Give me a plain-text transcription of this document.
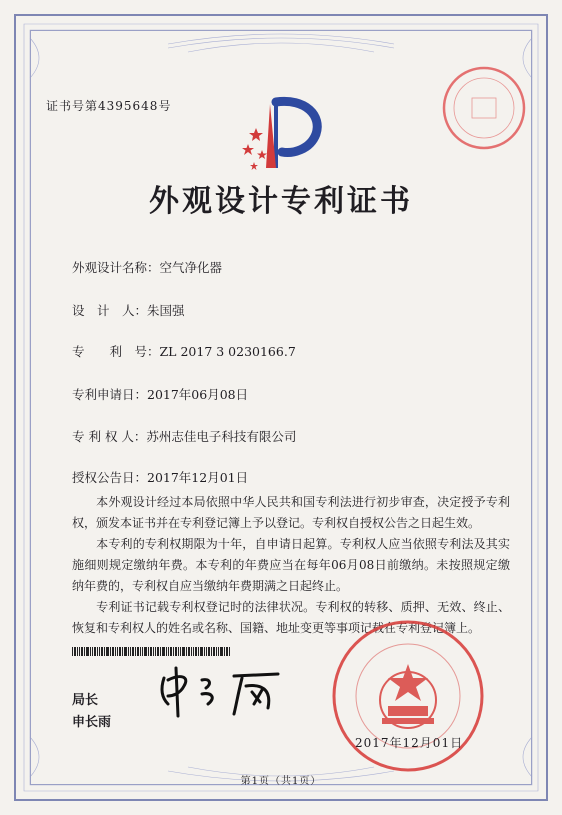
证书号第4395648号
外观设计专利证书
外观设计名称：空气净化器
设　计　人：朱国强
专　　利　号：ZL 2017 3 0230166.7
专利申请日：2017年06月08日
专 利 权 人：苏州志佳电子科技有限公司
授权公告日：2017年12月01日
本外观设计经过本局依照中华人民共和国专利法进行初步审查，决定授予专利权，颁发本证书并在专利登记簿上予以登记。专利权自授权公告之日起生效。
本专利的专利权期限为十年，自申请日起算。专利权人应当依照专利法及其实施细则规定缴纳年费。本专利的年费应当在每年06月08日前缴纳。未按照规定缴纳年费的，专利权自应当缴纳年费期满之日起终止。
专利证书记载专利权登记时的法律状况。专利权的转移、质押、无效、终止、恢复和专利权人的姓名或名称、国籍、地址变更等事项记载在专利登记簿上。
局长
申长雨
2017年12月01日
第1页（共1页）
